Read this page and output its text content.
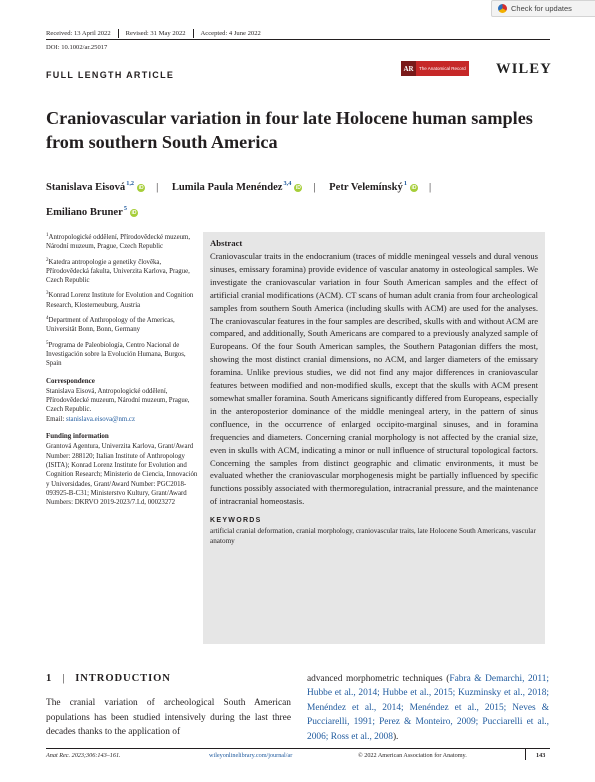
Check for updates
Received: 13 April 2022 Revised: 31 May 2022 Accepted: 4 June 2022
DOI: 10.1002/ar.25017
FULL LENGTH ARTICLE
AR	The Anatomical Record WILEY
Craniovascular variation in four late Holocene human samples from southern South America
Stanislava Eisová$^{1,2}$iD | Lumila Paula Menéndez$^{3,4}$iD | Petr Velemínský$^1$iD |
Emiliano Bruner$^5$iD
$^1$Antropologické oddělení, Přírodovědecké muzeum, Národní muzeum, Prague, Czech Republic
$^2$Katedra antropologie a genetiky člověka, Přírodovědecká fakulta, Univerzita Karlova, Prague, Czech Republic
$^3$Konrad Lorenz Institute for Evolution and Cognition Research, Klosterneuburg, Austria
$^4$Department of Anthropology of the Americas, Universität Bonn, Bonn, Germany
$^5$Programa de Paleobiología, Centro Nacional de Investigación sobre la Evolución Humana, Burgos, Spain
Correspondence
Stanislava Eisová, Antropologické oddělení, Přírodovědecké muzeum, Národní muzeum, Prague, Czech Republic.
Email: stanislava.eisova@nm.cz
Funding information
Grantová Agentura, Univerzita Karlova, Grant/Award Number: 288120; Italian Institute of Anthropology (ISITA); Konrad Lorenz Institute for Evolution and Cognition Research; Ministerio de Ciencia, Innovación y Universidades, Grant/Award Number: PGC2018-093925-B-C31; Ministerstvo Kultury, Grant/Award Numbers: DKRVO 2019-2023/7.I.d, 00023272
Abstract
Craniovascular traits in the endocranium (traces of middle meningeal vessels and dural venous sinuses, emissary foramina) provide evidence of vascular anatomy in osteological samples. We investigate the craniovascular variation in four South American samples and the effect of artificial cranial modifications (ACM). CT scans of human adult crania from four archeological samples from southern South America (including skulls with ACM) are used for the analyses. The craniovascular features in the four samples are described, skulls with and without ACM are compared, and additionally, South Americans are compared to a previously analyzed sample of Europeans. Of the four South American samples, the Southern Patagonian differs the most, showing the most distinct cranial dimensions, no ACM, and larger diameters of the emissary foramina. Unlike previous studies, we did not find any major differences in craniovascular features between modified and non-modified skulls, except that the skulls with ACM present somewhat smaller foramina. South Americans significantly differed from Europeans, especially in the anteroposterior dominance of the middle meningeal artery, in the pattern of sinus confluence, in the occurrence of enlarged occipito-marginal sinuses, and in foramina frequencies and diameters. Concerning cranial morphology is not affected by the cranial size, even in skulls with ACM, indicating a minor or null influence of structural topological factors. Concerning the samples from distinct geographic and climatic environments, it must be evaluated whether the craniovascular morphogenesis might be partially influenced by specific functions possibly associated with thermoregulation, intracranial pressure, and the maintenance of intracranial homeostasis.
KEYWORDS
artificial cranial deformation, cranial morphology, craniovascular traits, late Holocene South Americans, vascular anatomy
1 | INTRODUCTION
The cranial variation of archeological South American populations has been studied intensively during the last three decades thanks to the application of
advanced morphometric techniques (Fabra & Demarchi, 2011; Hubbe et al., 2014; Hubbe et al., 2015; Kuzminsky et al., 2018; Menéndez et al., 2014; Menéndez et al., 2015; Neves & Pucciarelli, 1991; Perez & Monteiro, 2009; Pucciarelli et al., 2006; Ross et al., 2008).
Anat Rec. 2023;306:143–161.	wileyonlinelibrary.com/journal/ar	© 2022 American Association for Anatomy.	143
